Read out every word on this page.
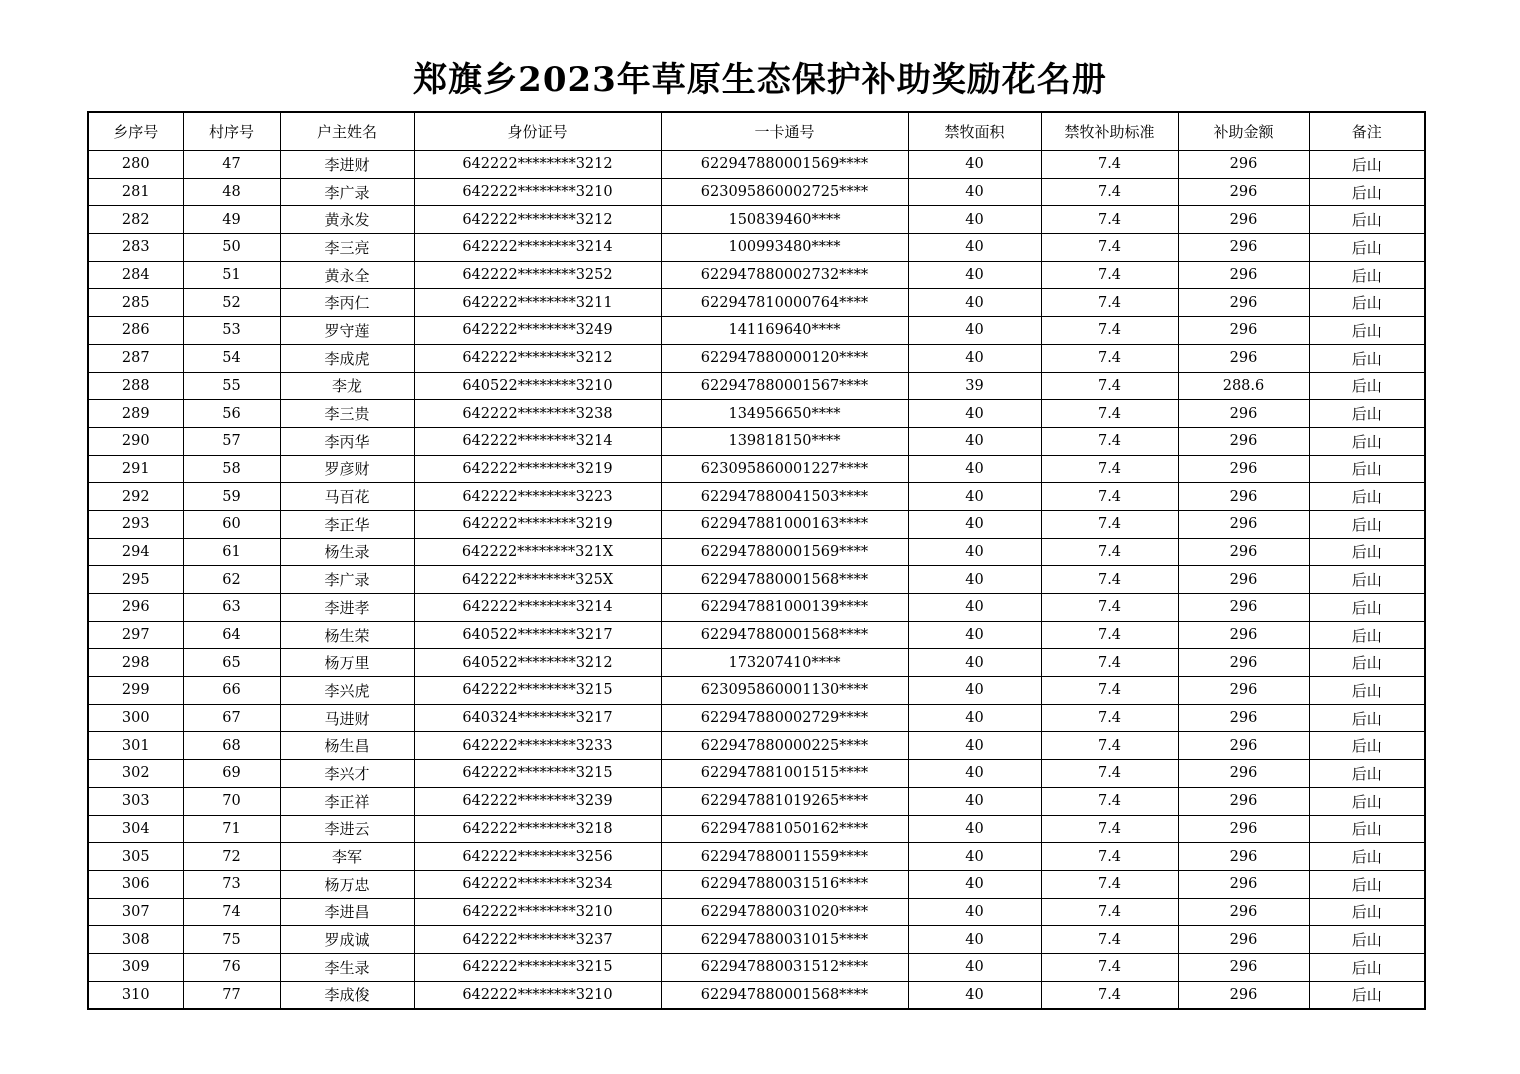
郑旗乡2023年草原生态保护补助奖励花名册
乡序号	村序号	户主姓名	身份证号	一卡通号	禁牧面积	禁牧补助标准	补助金额	备注
280	47	李进财	642222********3212	622947880001569****	40	7.4	296	后山
281	48	李广录	642222********3210	623095860002725****	40	7.4	296	后山
282	49	黄永发	642222********3212	150839460****	40	7.4	296	后山
283	50	李三亮	642222********3214	100993480****	40	7.4	296	后山
284	51	黄永全	642222********3252	622947880002732****	40	7.4	296	后山
285	52	李丙仁	642222********3211	622947810000764****	40	7.4	296	后山
286	53	罗守莲	642222********3249	141169640****	40	7.4	296	后山
287	54	李成虎	642222********3212	622947880000120****	40	7.4	296	后山
288	55	李龙	640522********3210	622947880001567****	39	7.4	288.6	后山
289	56	李三贵	642222********3238	134956650****	40	7.4	296	后山
290	57	李丙华	642222********3214	139818150****	40	7.4	296	后山
291	58	罗彦财	642222********3219	623095860001227****	40	7.4	296	后山
292	59	马百花	642222********3223	622947880041503****	40	7.4	296	后山
293	60	李正华	642222********3219	622947881000163****	40	7.4	296	后山
294	61	杨生录	642222********321X	622947880001569****	40	7.4	296	后山
295	62	李广录	642222********325X	622947880001568****	40	7.4	296	后山
296	63	李进孝	642222********3214	622947881000139****	40	7.4	296	后山
297	64	杨生荣	640522********3217	622947880001568****	40	7.4	296	后山
298	65	杨万里	640522********3212	173207410****	40	7.4	296	后山
299	66	李兴虎	642222********3215	623095860001130****	40	7.4	296	后山
300	67	马进财	640324********3217	622947880002729****	40	7.4	296	后山
301	68	杨生昌	642222********3233	622947880000225****	40	7.4	296	后山
302	69	李兴才	642222********3215	622947881001515****	40	7.4	296	后山
303	70	李正祥	642222********3239	622947881019265****	40	7.4	296	后山
304	71	李进云	642222********3218	622947881050162****	40	7.4	296	后山
305	72	李军	642222********3256	622947880011559****	40	7.4	296	后山
306	73	杨万忠	642222********3234	622947880031516****	40	7.4	296	后山
307	74	李进昌	642222********3210	622947880031020****	40	7.4	296	后山
308	75	罗成诚	642222********3237	622947880031015****	40	7.4	296	后山
309	76	李生录	642222********3215	622947880031512****	40	7.4	296	后山
310	77	李成俊	642222********3210	622947880001568****	40	7.4	296	后山
